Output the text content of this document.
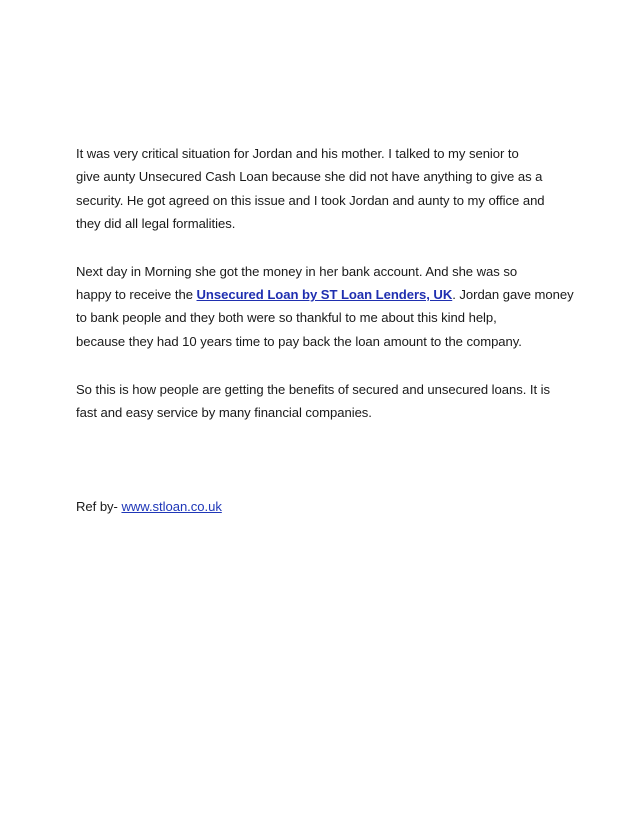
It was very critical situation for Jordan and his mother. I talked to my senior to
give aunty Unsecured Cash Loan because she did not have anything to give as a
security. He got agreed on this issue and I took Jordan and aunty to my office and
they did all legal formalities.
Next day in Morning she got the money in her bank account. And she was so
happy to receive the Unsecured Loan by ST Loan Lenders, UK. Jordan gave money
to bank people and they both were so thankful to me about this kind help,
because they had 10 years time to pay back the loan amount to the company.
So this is how people are getting the benefits of secured and unsecured loans. It is
fast and easy service by many financial companies.
Ref by- www.stloan.co.uk
